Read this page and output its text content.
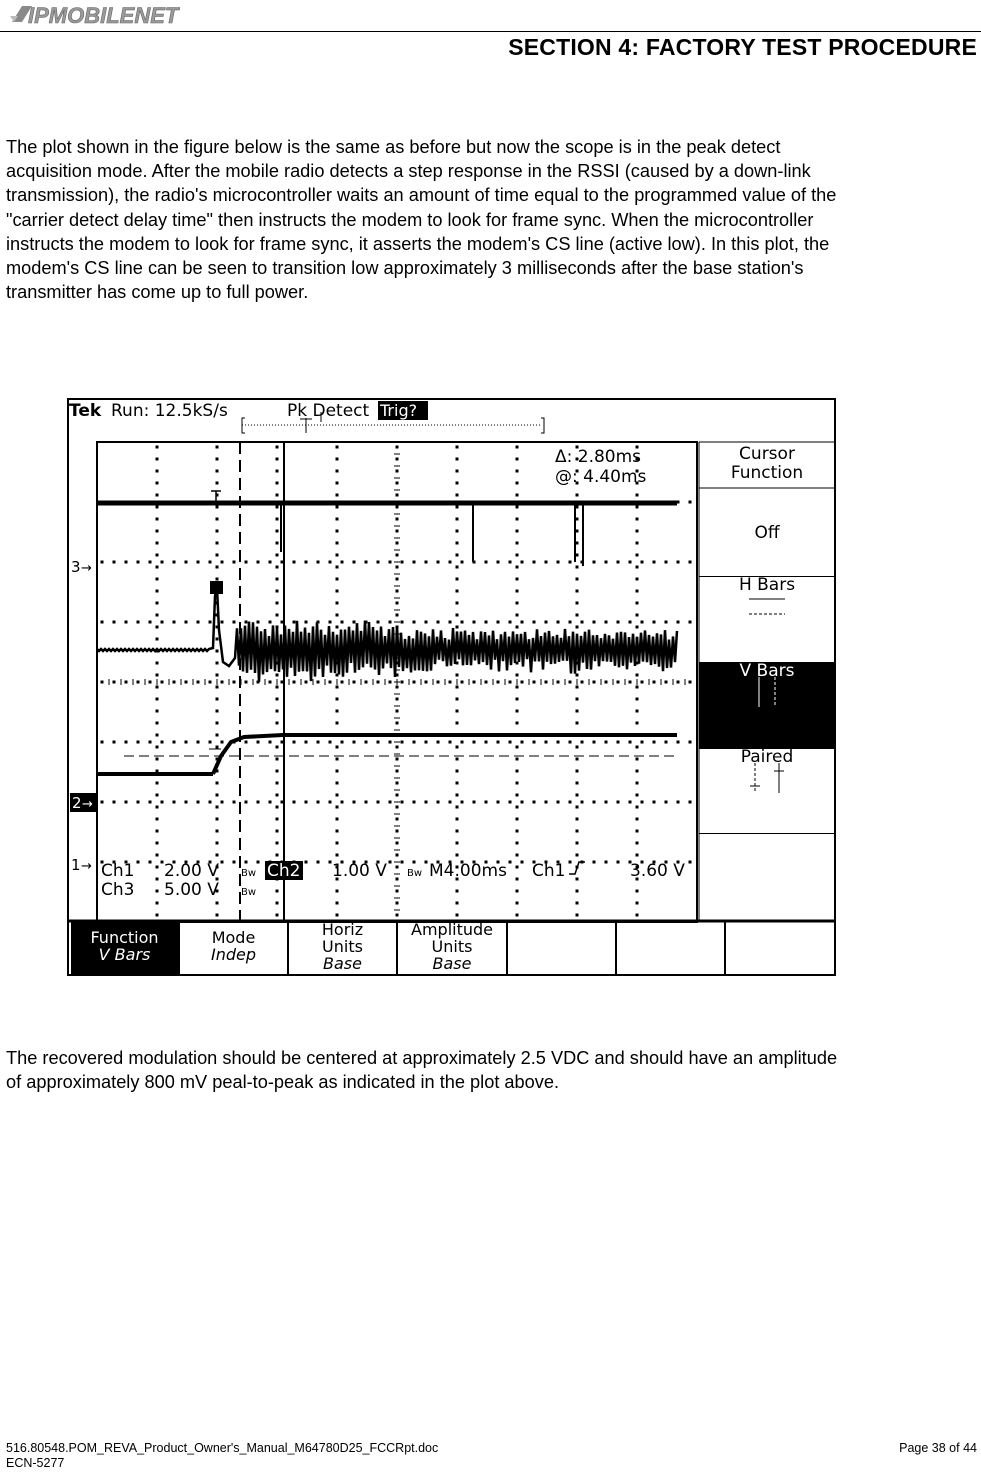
IPMOBILENET
SECTION 4: FACTORY TEST PROCEDURE
The plot shown in the figure below is the same as before but now the scope is in the peak detect
acquisition mode. After the mobile radio detects a step response in the RSSI (caused by a down-link
transmission), the radio's microcontroller waits an amount of time equal to the programmed value of the
"carrier detect delay time" then instructs the modem to look for frame sync. When the microcontroller
instructs the modem to look for frame sync, it asserts the modem's CS line (active low). In this plot, the
modem's CS line can be seen to transition low approximately 3 milliseconds after the base station's
transmitter has come up to full power.
Tek Run: 12.5kS/s	Pk Detect Trig?
3 →
2 →
1 →
Δ: 2.80ms
@: 4.40ms
Ch1 2.00 V Bw Ch2 1.00 V Bw M4.00ms Ch1	3.60 V
Ch3 5.00 V Bw
Cursor
Function
Off
H Bars
V Bars
Paired
Function
V Bars
Mode
Indep
Horiz
Units
Base
Amplitude
Units
Base
The recovered modulation should be centered at approximately 2.5 VDC and should have an amplitude
of approximately 800 mV peal-to-peak as indicated in the plot above.
516.80548.POM_REVA_Product_Owner's_Manual_M64780D25_FCCRpt.doc
ECN-5277
Page 38 of 44
